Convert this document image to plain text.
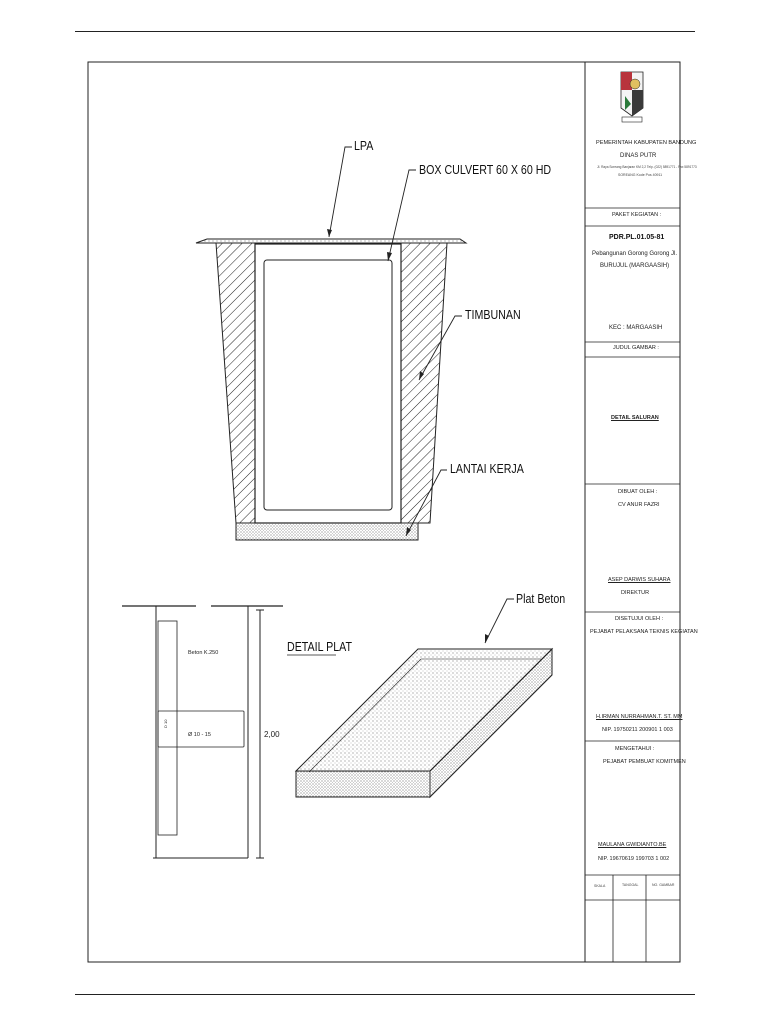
LPA
BOX CULVERT 60 X 60 HD
TIMBUNAN
LANTAI KERJA
Plat Beton
DETAIL PLAT
Beton K.250
Ø 10 - 15	2,00
D 10
PEMERINTAH KABUPATEN BANDUNG
DINAS PUTR
Jl. Raya Soreang Banjaran KM 2,2 Telp. (022) 5891771 - Fax 5891773
SOREANG Kode Pos 40911
PAKET KEGIATAN :
PDR.PL.01.05-81
Pebangunan Gorong Gorong Jl.
BURUJUL (MARGAASIH)
KEC : MARGAASIH
JUDUL GAMBAR :
DETAIL SALURAN
DIBUAT OLEH :
CV ANUR FAZRI
ASEP DARWIS SUHARA
DIREKTUR
DISETUJUI OLEH :
PEJABAT PELAKSANA TEKNIS KEGIATAN
H.IRMAN NURRAHMAN.T. ST. MM
NIP. 19750211 200901 1 003
MENGETAHUI :
PEJABAT PEMBUAT KOMITMEN
MAULANA GWIDIANTO.BE
NIP. 19670619 199703 1 002
SKALA	TANGGAL	NO. GAMBAR
